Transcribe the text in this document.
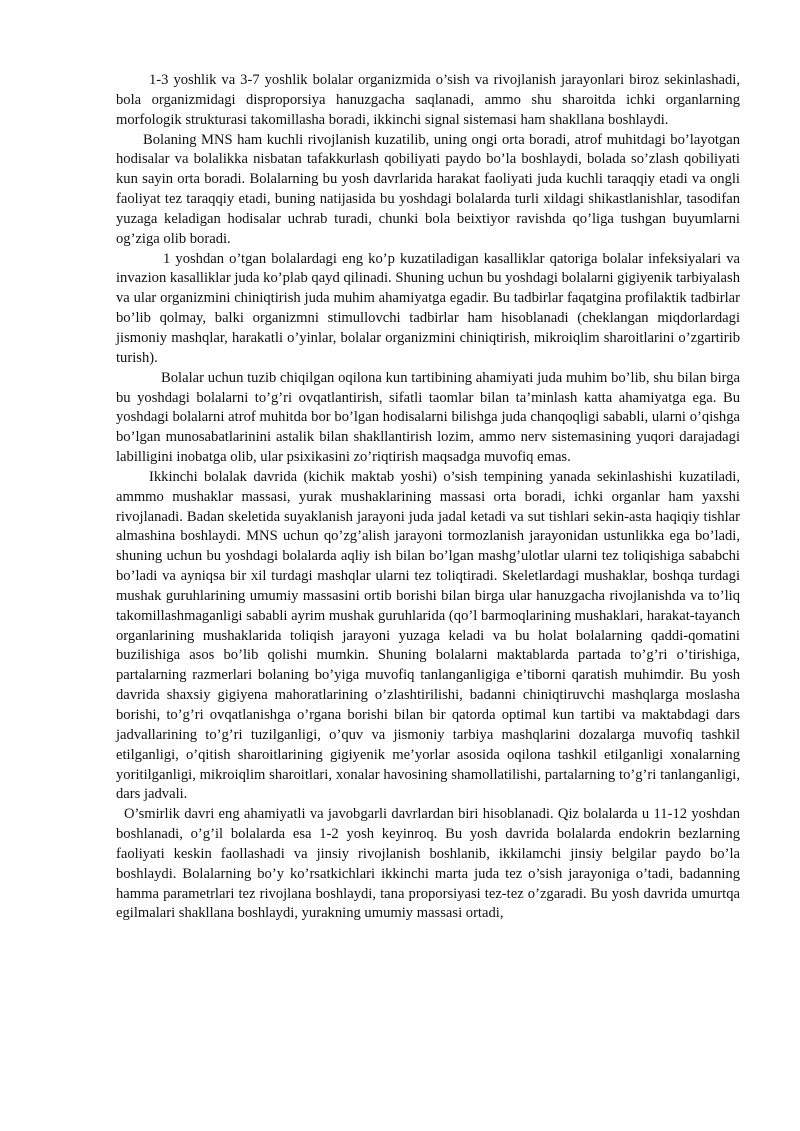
1-3 yoshlik va 3-7 yoshlik bolalar organizmida o’sish va rivojlanish jarayonlari biroz sekinlashadi, bola organizmidagi disproporsiya hanuzgacha saqlanadi, ammo shu sharoitda ichki organlarning morfologik strukturasi takomillasha boradi, ikkinchi signal sistemasi ham shakllana boshlaydi.

Bolaning MNS ham kuchli rivojlanish kuzatilib, uning ongi orta boradi, atrof muhitdagi bo’layotgan hodisalar va bolalikka nisbatan tafakkurlash qobiliyati paydo bo’la boshlaydi, bolada so’zlash qobiliyati kun sayin orta boradi. Bolalarning bu yosh davrlarida harakat faoliyati juda kuchli taraqqiy etadi va ongli faoliyat tez taraqqiy etadi, buning natijasida bu yoshdagi bolalarda turli xildagi shikastlanishlar, tasodifan yuzaga keladigan hodisalar uchrab turadi, chunki bola beixtiyor ravishda qo’liga tushgan buyumlarni og’ziga olib boradi.

1 yoshdan o’tgan bolalardagi eng ko’p kuzatiladigan kasalliklar qatoriga bolalar infeksiyalari va invazion kasalliklar juda ko’plab qayd qilinadi. Shuning uchun bu yoshdagi bolalarni gigiyenik tarbiyalash va ular organizmini chiniqtirish juda muhim ahamiyatga egadir. Bu tadbirlar faqatgina profilaktik tadbirlar bo’lib qolmay, balki organizmni stimullovchi tadbirlar ham hisoblanadi (cheklangan miqdorlardagi jismoniy mashqlar, harakatli o’yinlar, bolalar organizmini chiniqtirish, mikroiqlim sharoitlarini o’zgartirib turish).

Bolalar uchun tuzib chiqilgan oqilona kun tartibining ahamiyati juda muhim bo’lib, shu bilan birga bu yoshdagi bolalarni to’g’ri ovqatlantirish, sifatli taomlar bilan ta’minlash katta ahamiyatga ega. Bu yoshdagi bolalarni atrof muhitda bor bo’lgan hodisalarni bilishga juda chanqoqligi sababli, ularni o’qishga bo’lgan munosabatlarinini astalik bilan shakllantirish lozim, ammo nerv sistemasining yuqori darajadagi labilligini inobatga olib, ular psixikasini zo’riqtirish maqsadga muvofiq emas.

Ikkinchi bolalak davrida (kichik maktab yoshi) o’sish tempining yanada sekinlashishi kuzatiladi, ammmo mushaklar massasi, yurak mushaklarining massasi orta boradi, ichki organlar ham yaxshi rivojlanadi. Badan skeletida suyaklanish jarayoni juda jadal ketadi va sut tishlari sekin-asta haqiqiy tishlar almashina boshlaydi. MNS uchun qo’zg’alish jarayoni tormozlanish jarayonidan ustunlikka ega bo’ladi, shuning uchun bu yoshdagi bolalarda aqliy ish bilan bo’lgan mashg’ulotlar ularni tez toliqishiga sababchi bo’ladi va ayniqsa bir xil turdagi mashqlar ularni tez toliqtiradi. Skeletlardagi mushaklar, boshqa turdagi mushak guruhlarining umumiy massasini ortib borishi bilan birga ular hanuzgacha rivojlanishda va to’liq takomillashmaganligi sababli ayrim mushak guruhlarida (qo’l barmoqlarining mushaklari, harakat-tayanch organlarining mushaklarida toliqish jarayoni yuzaga keladi va bu holat bolalarning qaddi-qomatini buzilishiga asos bo’lib qolishi mumkin. Shuning bolalarni maktablarda partada to’g’ri o’tirishiga, partalarning razmerlari bolaning bo’yiga muvofiq tanlanganligiga e’tiborni qaratish muhimdir. Bu yosh davrida shaxsiy gigiyena mahoratlarining o’zlashtirilishi, badanni chiniqtiruvchi mashqlarga moslasha borishi, to’g’ri ovqatlanishga o’rgana borishi bilan bir qatorda optimal kun tartibi va maktabdagi dars jadvallarining to’g’ri tuzilganligi, o’quv va jismoniy tarbiya mashqlarini dozalarga muvofiq tashkil etilganligi, o’qitish sharoitlarining gigiyenik me’yorlar asosida oqilona tashkil etilganligi xonalarning yoritilganligi, mikroiqlim sharoitlari, xonalar havosining shamollatilishi, partalarning to’g’ri tanlanganligi, dars jadvali.

O’smirlik davri eng ahamiyatli va javobgarli davrlardan biri hisoblanadi. Qiz bolalarda u 11-12 yoshdan boshlanadi, o’g’il bolalarda esa 1-2 yosh keyinroq. Bu yosh davrida bolalarda endokrin bezlarning faoliyati keskin faollashadi va jinsiy rivojlanish boshlanib, ikkilamchi jinsiy belgilar paydo bo’la boshlaydi. Bolalarning bo’y ko’rsatkichlari ikkinchi marta juda tez o’sish jarayoniga o’tadi, badanning hamma parametrlari tez rivojlana boshlaydi, tana proporsiyasi tez-tez o’zgaradi. Bu yosh davrida umurtqa egilmalari shakllana boshlaydi, yurakning umumiy massasi ortadi,
